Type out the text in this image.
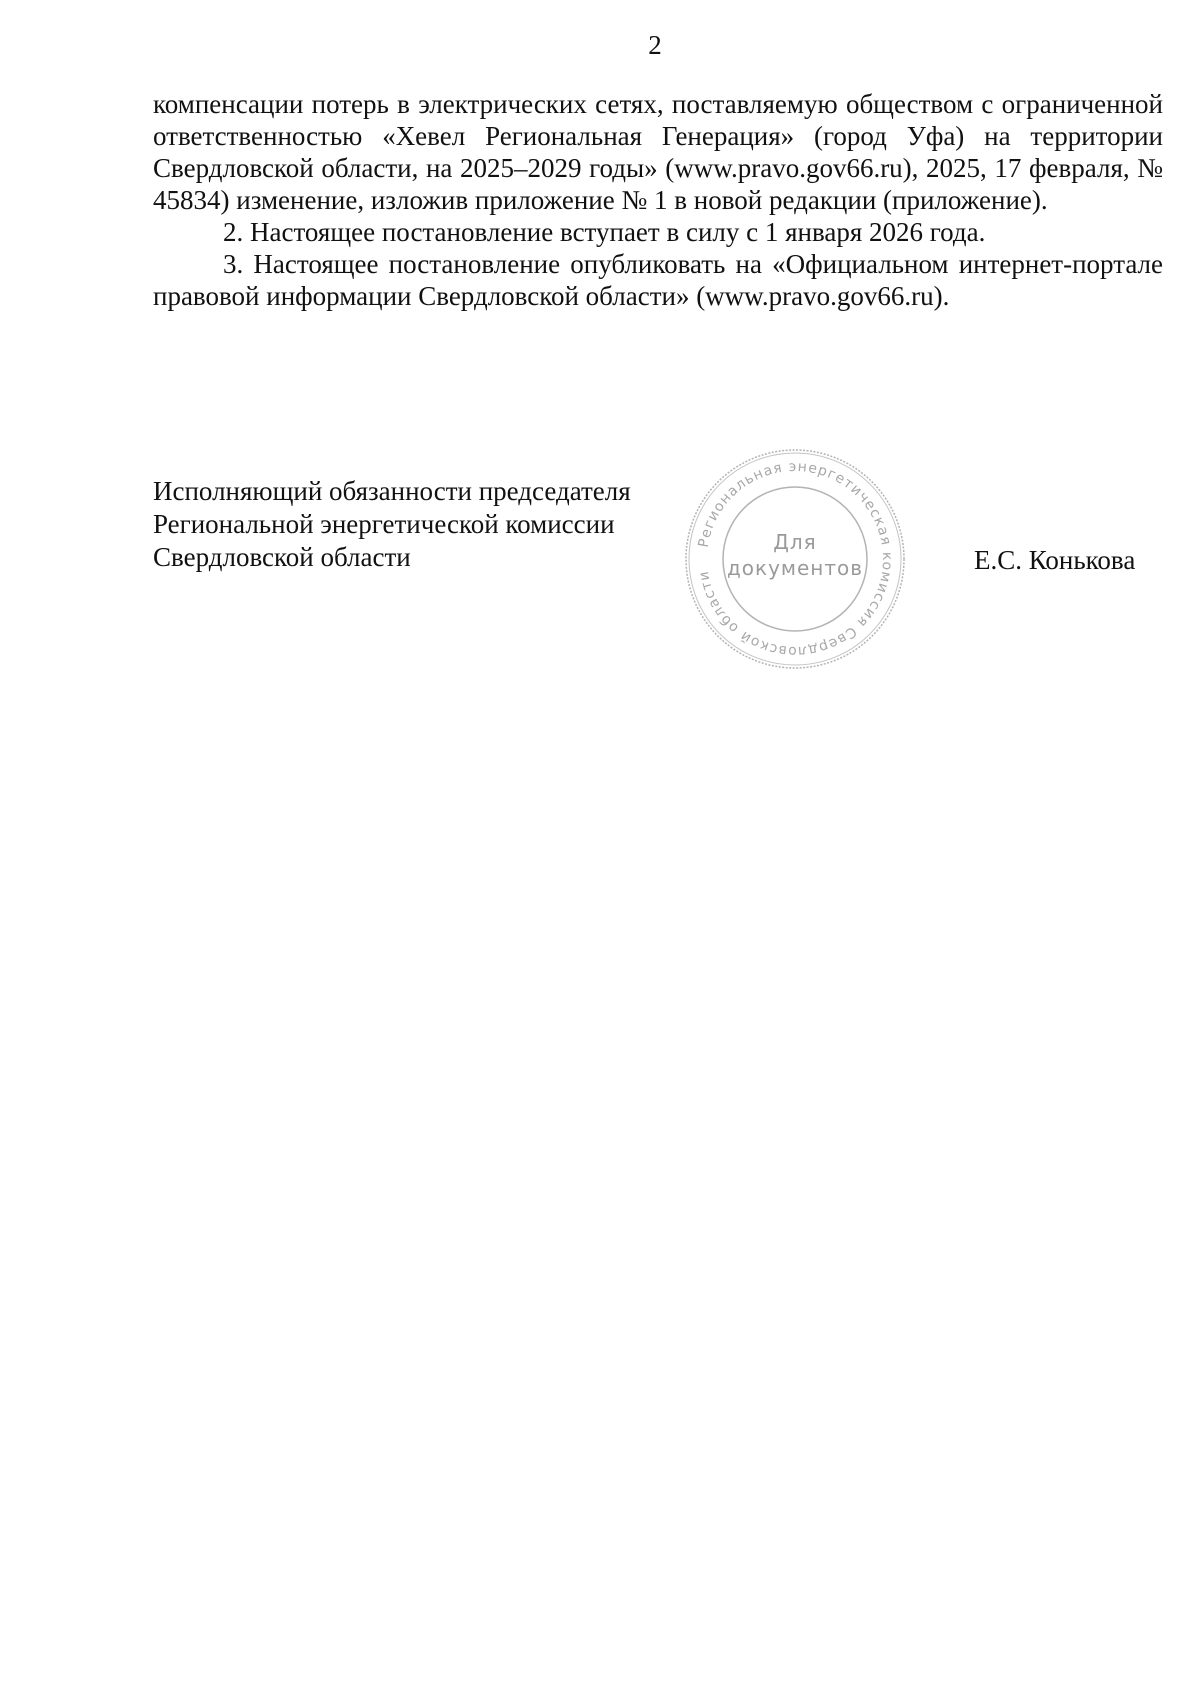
2

компенсации потерь в электрических сетях, поставляемую обществом с ограниченной ответственностью «Хевел Региональная Генерация» (город Уфа) на территории Свердловской области, на 2025–2029 годы» (www.pravo.gov66.ru), 2025, 17 февраля, № 45834) изменение, изложив приложение № 1 в новой редакции (приложение).

2. Настоящее постановление вступает в силу с 1 января 2026 года.

3. Настоящее постановление опубликовать на «Официальном интернет-портале правовой информации Свердловской области» (www.pravo.gov66.ru).

Исполняющий обязанности председателя
Региональной энергетической комиссии
Свердловской области	Региональная энергетическая комиссия Свердловской области
Для
документов	Е.С. Конькова
